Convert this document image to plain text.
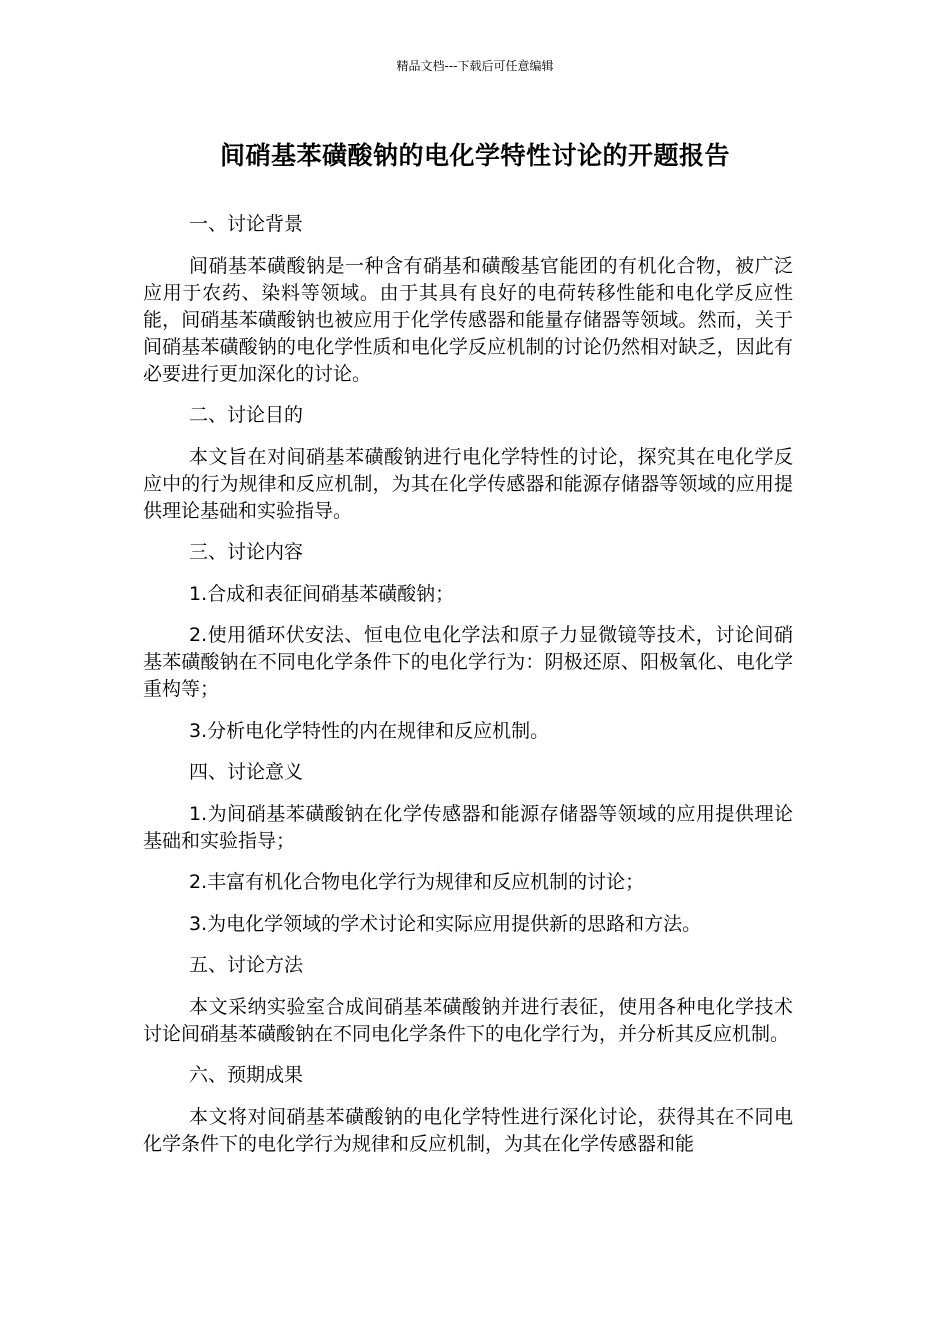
精品文档---下载后可任意编辑
间硝基苯磺酸钠的电化学特性讨论的开题报告

一、讨论背景

间硝基苯磺酸钠是一种含有硝基和磺酸基官能团的有机化合物，被广泛应用于农药、染料等领域。由于其具有良好的电荷转移性能和电化学反应性能，间硝基苯磺酸钠也被应用于化学传感器和能量存储器等领域。然而，关于间硝基苯磺酸钠的电化学性质和电化学反应机制的讨论仍然相对缺乏，因此有必要进行更加深化的讨论。

二、讨论目的

本文旨在对间硝基苯磺酸钠进行电化学特性的讨论，探究其在电化学反应中的行为规律和反应机制，为其在化学传感器和能源存储器等领域的应用提供理论基础和实验指导。

三、讨论内容

1.合成和表征间硝基苯磺酸钠；

2.使用循环伏安法、恒电位电化学法和原子力显微镜等技术，讨论间硝基苯磺酸钠在不同电化学条件下的电化学行为：阴极还原、阳极氧化、电化学重构等；

3.分析电化学特性的内在规律和反应机制。

四、讨论意义

1.为间硝基苯磺酸钠在化学传感器和能源存储器等领域的应用提供理论基础和实验指导；

2.丰富有机化合物电化学行为规律和反应机制的讨论；

3.为电化学领域的学术讨论和实际应用提供新的思路和方法。

五、讨论方法

本文采纳实验室合成间硝基苯磺酸钠并进行表征，使用各种电化学技术讨论间硝基苯磺酸钠在不同电化学条件下的电化学行为，并分析其反应机制。

六、预期成果

本文将对间硝基苯磺酸钠的电化学特性进行深化讨论，获得其在不同电化学条件下的电化学行为规律和反应机制，为其在化学传感器和能
